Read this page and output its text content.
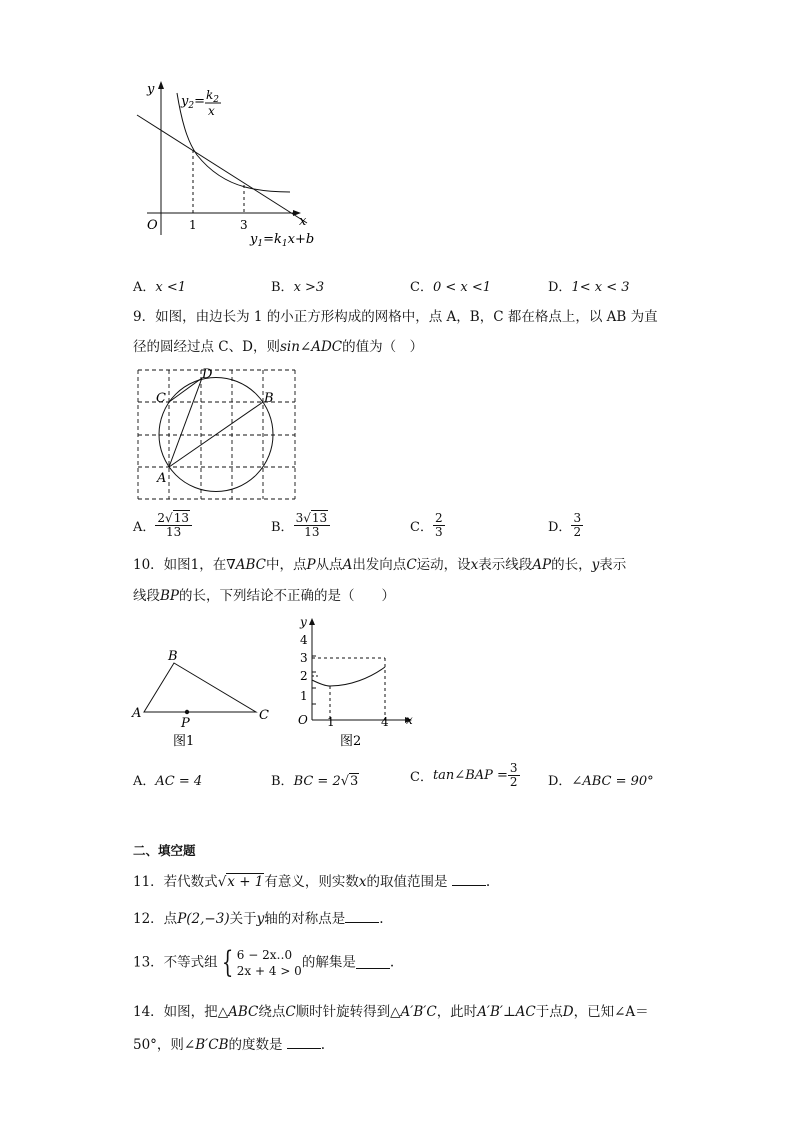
y
x
O	1	3
$y_2= k_2$
x
$y_1=k_1x+b$
A．x <1	B．x >3	C．0 < x <1	D．1< x < 3
9．如图，由边长为 1 的小正方形构成的网格中，点 A，B，C 都在格点上，以 AB 为直
径的圆经过点 C、D，则sin∠ADC的值为（　）
A
B
C
D
A． $\frac{2√13}{13}$	B． $\frac{3√13}{13}$	C． $\frac{2}{3}$	D． $\frac{3}{2}$
10．如图1，在∇ABC中，点P从点A出发向点C运动，设x表示线段AP的长，y表示
线段BP的长，下列结论不正确的是（　　）
A
B
C
P
图1
y
4
3
2
1
O 1	4 x
图2
A．AC = 4	B．BC = 2√3	C．tan∠BAP = $\frac{3}{2}$ D．∠ABC = 90°
二、填空题
11．若代数式√x + 1有意义，则实数x的取值范围是	.
12．点P(2,−3)关于y轴的对称点是	.
13．不等式组 { 6 − 2x‥0
2x + 4 > 0 的解集是	.
14．如图，把△ABC绕点C顺时针旋转得到△A′B′C，此时A′B′⊥AC于点D，已知∠A＝
50°，则∠B′CB的度数是	.
